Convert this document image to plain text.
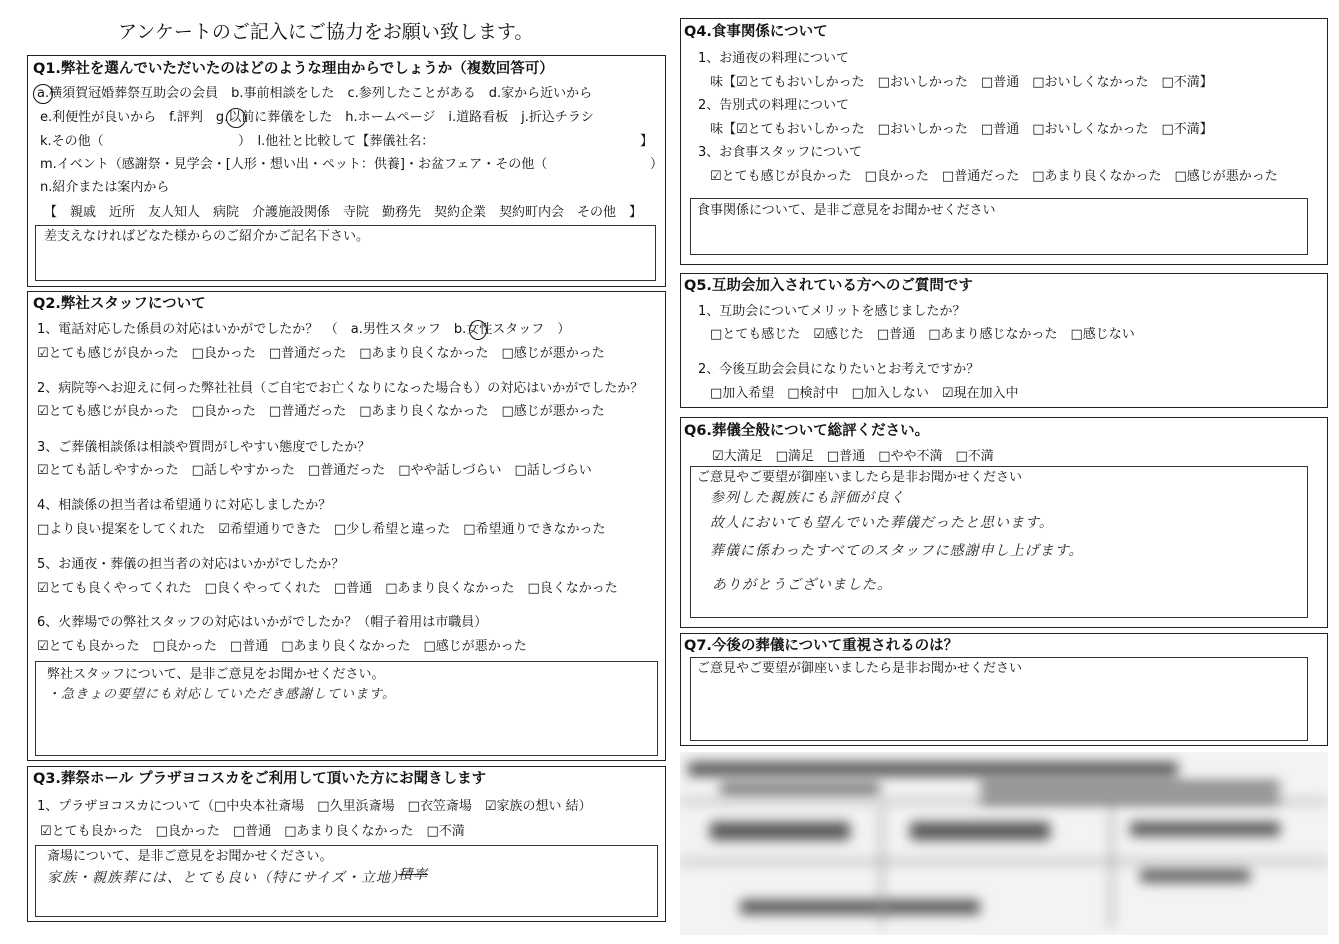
アンケートのご記入にご協力をお願い致します。
Q1.弊社を選んでいただいたのはどのような理由からでしょうか（複数回答可）
a.横須賀冠婚葬祭互助会の会員　b.事前相談をした　c.参列したことがある　d.家から近いから
e.利便性が良いから　f.評判　g.以前に葬儀をした　h.ホームページ　i.道路看板　j.折込チラシ
k.その他（	）　l.他社と比較して【葬儀社名：	】
m.イベント（感謝祭・見学会・[人形・想い出・ペット：供養]・お盆フェア・その他（	）
n.紹介または案内から
【　親戚　近所　友人知人　病院　介護施設関係　寺院　勤務先　契約企業　契約町内会　その他　】
差支えなければどなた様からのご紹介かご記名下さい。
Q2.弊社スタッフについて
1、電話対応した係員の対応はいかがでしたか？　（　a.男性スタッフ　b.女性スタッフ　）
☑とても感じが良かった　□良かった　□普通だった　□あまり良くなかった　□感じが悪かった
2、病院等へお迎えに伺った弊社社員（ご自宅でお亡くなりになった場合も）の対応はいかがでしたか？
☑とても感じが良かった　□良かった　□普通だった　□あまり良くなかった　□感じが悪かった
3、ご葬儀相談係は相談や質問がしやすい態度でしたか？
☑とても話しやすかった　□話しやすかった　□普通だった　□やや話しづらい　□話しづらい
4、相談係の担当者は希望通りに対応しましたか？
□より良い提案をしてくれた　☑希望通りできた　□少し希望と違った　□希望通りできなかった
5、お通夜・葬儀の担当者の対応はいかがでしたか？
☑とても良くやってくれた　□良くやってくれた　□普通　□あまり良くなかった　□良くなかった
6、火葬場での弊社スタッフの対応はいかがでしたか？（帽子着用は市職員）
☑とても良かった　□良かった　□普通　□あまり良くなかった　□感じが悪かった
弊社スタッフについて、是非ご意見をお聞かせください。
・急きょの要望にも対応していただき感謝しています。
Q3.葬祭ホール プラザヨコスカをご利用して頂いた方にお聞きします
1、プラザヨコスカについて（□中央本社斎場　□久里浜斎場　□衣笠斎場　☑家族の想い 結）
☑とても良かった　□良かった　□普通　□あまり良くなかった　□不満
斎場について、是非ご意見をお聞かせください。
家族・親族葬には、とても良い（特にサイズ・立地）
積率
Q4.食事関係について
1、お通夜の料理について
味【☑とてもおいしかった　□おいしかった　□普通　□おいしくなかった　□不満】
2、告別式の料理について
味【☑とてもおいしかった　□おいしかった　□普通　□おいしくなかった　□不満】
3、お食事スタッフについて
☑とても感じが良かった　□良かった　□普通だった　□あまり良くなかった　□感じが悪かった
食事関係について、是非ご意見をお聞かせください
Q5.互助会加入されている方へのご質問です
1、互助会についてメリットを感じましたか？
□とても感じた　☑感じた　□普通　□あまり感じなかった　□感じない
2、今後互助会会員になりたいとお考えですか？
□加入希望　□検討中　□加入しない　☑現在加入中
Q6.葬儀全般について総評ください。
☑大満足　□満足　□普通　□やや不満　□不満
ご意見やご要望が御座いましたら是非お聞かせください
参列した親族にも評価が良く
故人においても望んでいた葬儀だったと思います。
葬儀に係わったすべてのスタッフに感謝申し上げます。
ありがとうございました。
Q7.今後の葬儀について重視されるのは？
ご意見やご要望が御座いましたら是非お聞かせください
